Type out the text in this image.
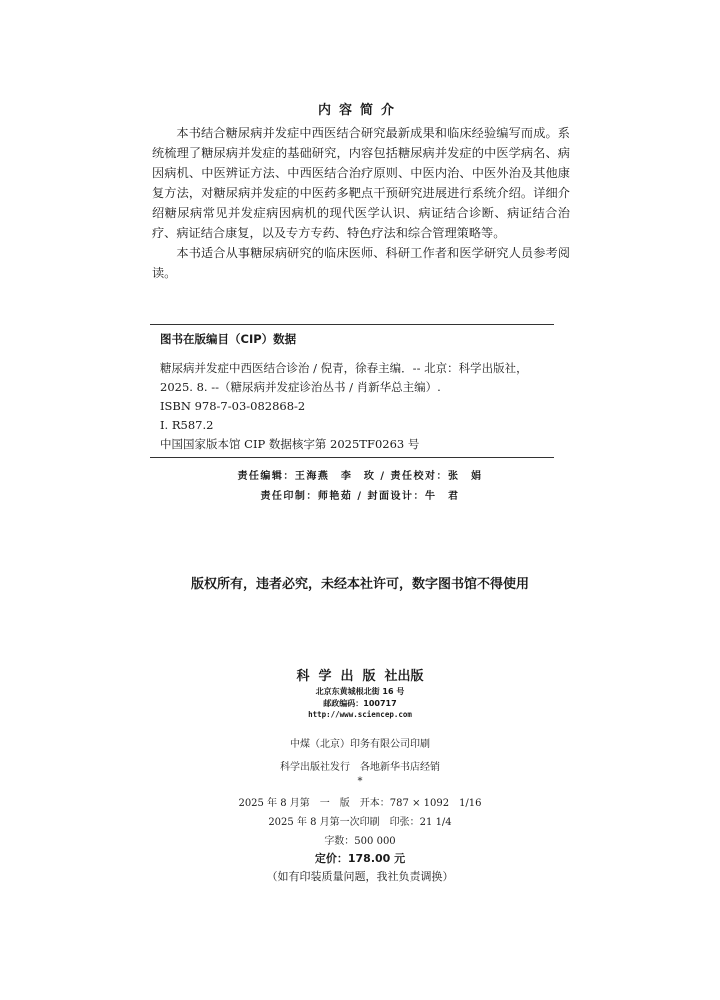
内容简介

本书结合糖尿病并发症中西医结合研究最新成果和临床经验编写而成。系统梳理了糖尿病并发症的基础研究，内容包括糖尿病并发症的中医学病名、病因病机、中医辨证方法、中西医结合治疗原则、中医内治、中医外治及其他康复方法，对糖尿病并发症的中医药多靶点干预研究进展进行系统介绍。详细介绍糖尿病常见并发症病因病机的现代医学认识、病证结合诊断、病证结合治疗、病证结合康复，以及专方专药、特色疗法和综合管理策略等。

本书适合从事糖尿病研究的临床医师、科研工作者和医学研究人员参考阅读。

图书在版编目（CIP）数据
糖尿病并发症中西医结合诊治 / 倪青，徐春主编．-- 北京：科学出版社，
2025. 8. --（糖尿病并发症诊治丛书 / 肖新华总主编）.
ISBN 978-7-03-082868-2
Ⅰ. R587.2
中国国家版本馆 CIP 数据核字第 2025TF0263 号
责任编辑：王海燕　李　玫 / 责任校对：张　娟
责任印制：师艳茹 / 封面设计：牛　君
版权所有，违者必究，未经本社许可，数字图书馆不得使用
科学出版社出版
北京东黄城根北街 16 号
邮政编码：100717
http://www.sciencep.com
中煤（北京）印务有限公司印刷
科学出版社发行　各地新华书店经销
*
2025 年 8 月第　一　版　开本：787 × 1092　1/16
2025 年 8 月第一次印刷　印张：21 1/4
字数：500 000
定价：178.00 元
（如有印装质量问题，我社负责调换）
